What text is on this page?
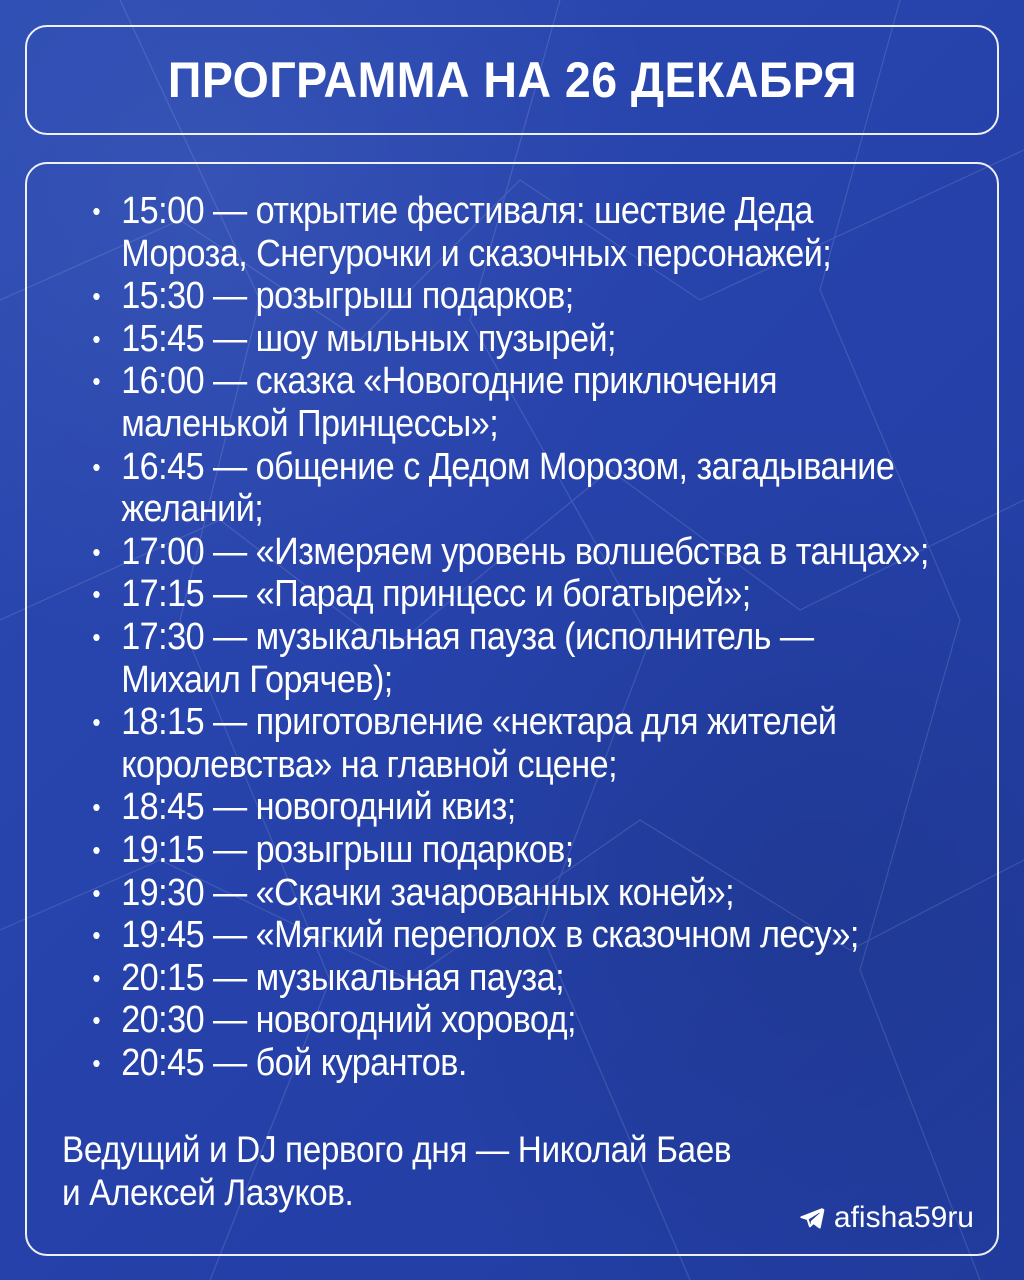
ПРОГРАММА НА 26 ДЕКАБРЯ
• 15:00 — открытие фестиваля: шествие Деда
Мороза, Снегурочки и сказочных персонажей;
• 15:30 — розыгрыш подарков;
• 15:45 — шоу мыльных пузырей;
• 16:00 — сказка «Новогодние приключения
маленькой Принцессы»;
• 16:45 — общение с Дедом Морозом, загадывание
желаний;
• 17:00 — «Измеряем уровень волшебства в танцах»;
• 17:15 — «Парад принцесс и богатырей»;
• 17:30 — музыкальная пауза (исполнитель —
Михаил Горячев);
• 18:15 — приготовление «нектара для жителей
королевства» на главной сцене;
• 18:45 — новогодний квиз;
• 19:15 — розыгрыш подарков;
• 19:30 — «Скачки зачарованных коней»;
• 19:45 — «Мягкий переполох в сказочном лесу»;
• 20:15 — музыкальная пауза;
• 20:30 — новогодний хоровод;
• 20:45 — бой курантов.

Ведущий и DJ первого дня — Николай Баев
и Алексей Лазуков.

afisha59ru
